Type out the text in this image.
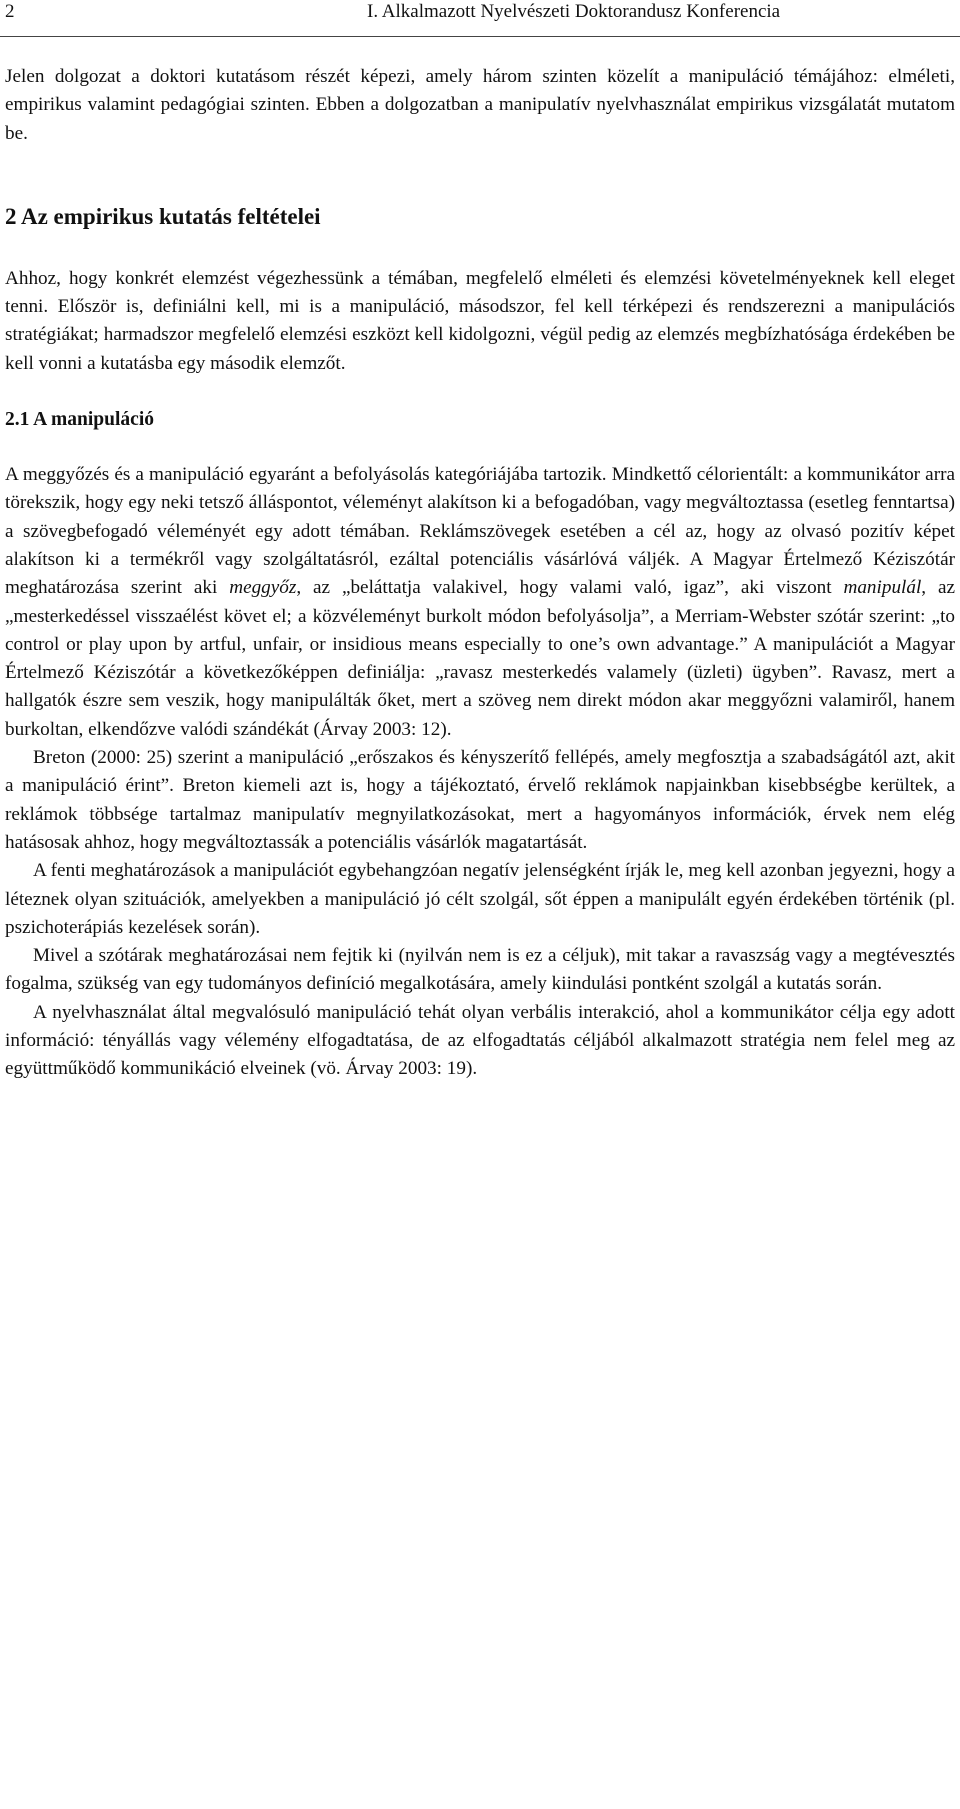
2	I. Alkalmazott Nyelvészeti Doktorandusz Konferencia

Jelen dolgozat a doktori kutatásom részét képezi, amely három szinten közelít a manipuláció témájához: elméleti, empirikus valamint pedagógiai szinten. Ebben a dolgozatban a manipulatív nyelvhasználat empirikus vizsgálatát mutatom be.

2 Az empirikus kutatás feltételei

Ahhoz, hogy konkrét elemzést végezhessünk a témában, megfelelő elméleti és elemzési követelményeknek kell eleget tenni. Először is, definiálni kell, mi is a manipuláció, másodszor, fel kell térképezi és rendszerezni a manipulációs stratégiákat; harmadszor megfelelő elemzési eszközt kell kidolgozni, végül pedig az elemzés megbízhatósága érdekében be kell vonni a kutatásba egy második elemzőt.

2.1 A manipuláció

A meggyőzés és a manipuláció egyaránt a befolyásolás kategóriájába tartozik. Mindkettő célorientált: a kommunikátor arra törekszik, hogy egy neki tetsző álláspontot, véleményt alakítson ki a befogadóban, vagy megváltoztassa (esetleg fenntartsa) a szövegbefogadó véleményét egy adott témában. Reklámszövegek esetében a cél az, hogy az olvasó pozitív képet alakítson ki a termékről vagy szolgáltatásról, ezáltal potenciális vásárlóvá váljék. A Magyar Értelmező Kéziszótár meghatározása szerint aki meggyőz, az „beláttatja valakivel, hogy valami való, igaz”, aki viszont manipulál, az „mesterkedéssel visszaélést követ el; a közvéleményt burkolt módon befolyásolja”, a Merriam-Webster szótár szerint: „to control or play upon by artful, unfair, or insidious means especially to one’s own advantage.” A manipulációt a Magyar Értelmező Kéziszótár a következőképpen definiálja: „ravasz mesterkedés valamely (üzleti) ügyben”. Ravasz, mert a hallgatók észre sem veszik, hogy manipulálták őket, mert a szöveg nem direkt módon akar meggyőzni valamiről, hanem burkoltan, elkendőzve valódi szándékát (Árvay 2003: 12).

Breton (2000: 25) szerint a manipuláció „erőszakos és kényszerítő fellépés, amely megfosztja a szabadságától azt, akit a manipuláció érint”. Breton kiemeli azt is, hogy a tájékoztató, érvelő reklámok napjainkban kisebbségbe kerültek, a reklámok többsége tartalmaz manipulatív megnyilatkozásokat, mert a hagyományos információk, érvek nem elég hatásosak ahhoz, hogy megváltoztassák a potenciális vásárlók magatartását.

A fenti meghatározások a manipulációt egybehangzóan negatív jelenségként írják le, meg kell azonban jegyezni, hogy a léteznek olyan szituációk, amelyekben a manipuláció jó célt szolgál, sőt éppen a manipulált egyén érdekében történik (pl. pszichoterápiás kezelések során).

Mivel a szótárak meghatározásai nem fejtik ki (nyilván nem is ez a céljuk), mit takar a ravaszság vagy a megtévesztés fogalma, szükség van egy tudományos definíció megalkotására, amely kiindulási pontként szolgál a kutatás során.

A nyelvhasználat által megvalósuló manipuláció tehát olyan verbális interakció, ahol a kommunikátor célja egy adott információ: tényállás vagy vélemény elfogadtatása, de az elfogadtatás céljából alkalmazott stratégia nem felel meg az együttműködő kommunikáció elveinek (vö. Árvay 2003: 19).
